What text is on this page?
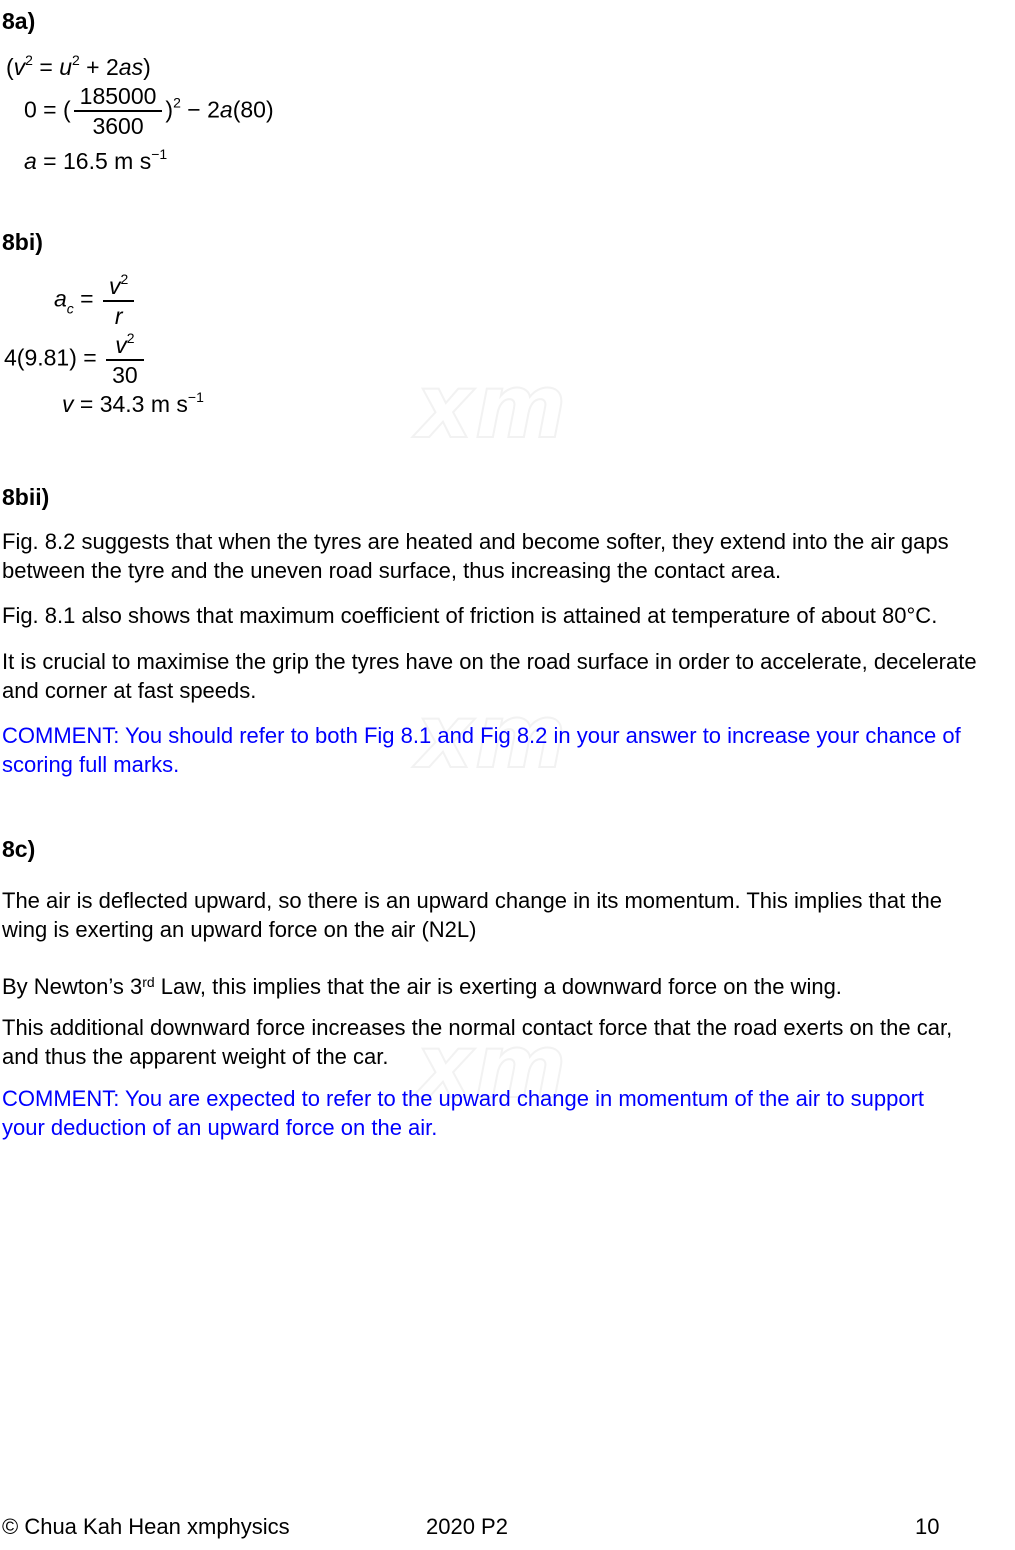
xm
xm
xm
8a)
$(v^2 = u^2 + 2as)$
0 = ( $\frac{185000}{3600} )^2 - 2a(80)$
a = 16.5 m $s^{-1}$
8bi)
$a_c = \frac{v^2}{r}$
$4(9.81) = \frac{v^2}{30}$
v = 34.3 m $s^{-1}$
8bii)

Fig. 8.2 suggests that when the tyres are heated and become softer, they extend into the air gaps
between the tyre and the uneven road surface, thus increasing the contact area.

Fig. 8.1 also shows that maximum coefficient of friction is attained at temperature of about 80°C.

It is crucial to maximise the grip the tyres have on the road surface in order to accelerate, decelerate
and corner at fast speeds.

COMMENT: You should refer to both Fig 8.1 and Fig 8.2 in your answer to increase your chance of
scoring full marks.

8c)

The air is deflected upward, so there is an upward change in its momentum. This implies that the
wing is exerting an upward force on the air (N2L)

By Newton’s 3rd Law, this implies that the air is exerting a downward force on the wing.

This additional downward force increases the normal contact force that the road exerts on the car,
and thus the apparent weight of the car.

COMMENT: You are expected to refer to the upward change in momentum of the air to support
your deduction of an upward force on the air.

© Chua Kah Hean xmphysics	2020 P2	10
